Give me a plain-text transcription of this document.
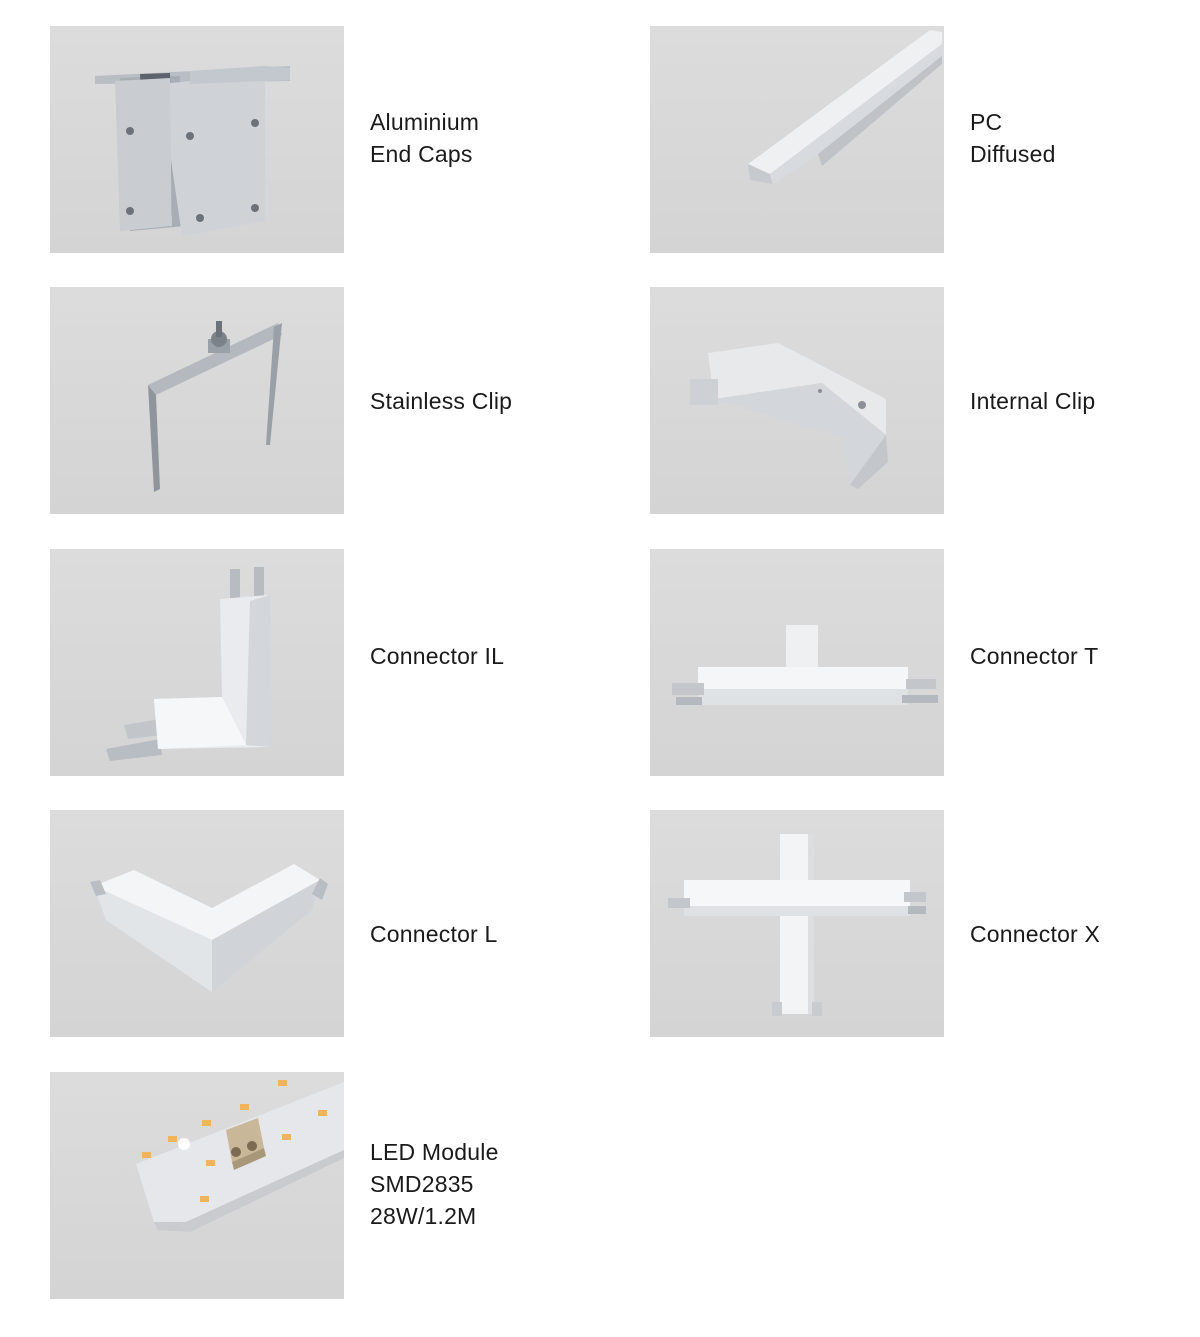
Aluminium
End Caps
PC
Diffused
Stainless Clip	Internal Clip
Connector IL	Connector T
Connector L	Connector X
LED Module
SMD2835
28W/1.2M
